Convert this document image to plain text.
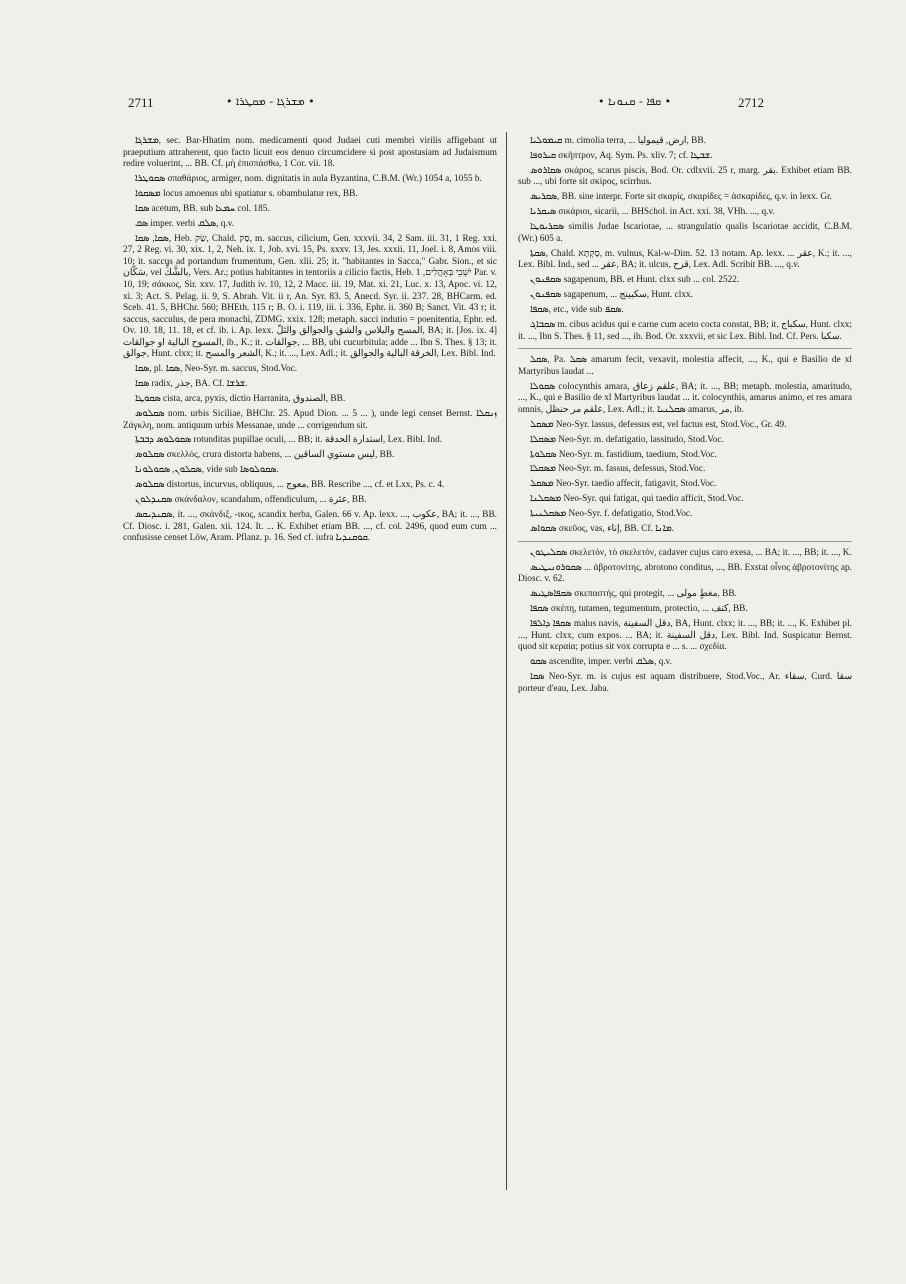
2711	• ܡܫܪܓܐ - ܡܩܛܪܐ •	• ܩܦܐ - ܩܢܘܢܐ •	2712

ܡܫܪܓܐ, sec. Bar-Hhatim nom. medicamenti quod Judaei cuti membri virilis affigebant ut praeputium attraherent, quo facto licuit eos denuo circumcidere si post apostasiam ad Judaismum redire voluerint, ... BB. Cf. μὴ ἐπισπάσθω, 1 Cor. vii. 18.

ܣܩܘܛܪܐ σπαθάριος, armiger, nom. dignitatis in aula Byzantina, C.B.M. (Wr.) 1054 a, 1055 b.

ܡܣܩܘܐ locus amoenus ubi spatiatur s. obambulatur rex, BB.

ܣܩܐ acetum, BB. sub ܚܡܥܐ col. 185.

ܣܩ imper. verbi ܣܠܩ, q.v.

ܣܩܐ, ܣܩܐ, Heb. שַׂק, Chald. סַק, m. saccus, cilicium, Gen. xxxvii. 34, 2 Sam. iii. 31, 1 Reg. xxi. 27, 2 Reg. vi. 30, xix. 1, 2, Neh. ix. 1, Job. xvi. 15, Ps. xxxv. 13, Jes. xxxii. 11, Joel. i. 8, Amos viii. 10; it. saccus ad portandum frumentum, Gen. xlii. 25; it. "habitantes in Sacca," Gabr. Sion., et sic سَكّان, vel بالشَّكِّ, Vers. Ar.; potius habitantes in tentoriis a cilicio factis, Heb. יֹשְׁבֵי בְּאָהֳלִים, 1 Par. v. 10, 19; σάκκος, Sir. xxv. 17, Judith iv. 10, 12, 2 Macc. iii. 19, Mat. xi. 21, Luc. x. 13, Apoc. vi. 12, xi. 3; Act. S. Pelag. ii. 9, S. Abrah. Vit. ii r, An. Syr. 83. 5, Anecd. Syr. ii. 237. 28, BHCarm. ed. Sceb. 41. 5, BHChr. 560; BHEth. 115 r; B. O. i. 119, iii. i. 336, Ephr. ii. 360 B; Sanct. Vit. 43 r; it. saccus, sacculus, de pera monachi, ZDMG. xxix. 128; metaph. sacci indutio = poenitentia, Ephr. ed. Ov. 10. 18, 11. 18, et cf. ib. i. Ap. lexx. المسح والبلاس والشق والجوالق والثلّ, BA; it. [Jos. ix. 4] المسوح البالية او جوالقات, ib., K.; it. جوالقات, ... BB, ubi cucurbitula; adde ... Ibn S. Thes. § 13; it. جوالق, Hunt. clxx; it. الشعر والمسح, K.; it. ..., Lex. Adl.; it. الخرقة البالية والجوالق, Lex. Bibl. Ind.

ܣܩܐ, pl. ܣܩܐ, Neo-Syr. m. saccus, Stod.Voc.

ܣܩܐ radix, جذر, BA. Cf. ܫܪܫܐ.

ܣܩܘܛܐ cista, arca, pyxis, dictio Harranita, الصندوق, BB.

ܣܩܠܘܣ nom. urbis Siciliae, BHChr. 25. Apud Dion. ... 5 ... ), unde legi censet Bernst. ܙܢܩܠܐ Ζάγκλη, nom. antiquum urbis Messanae, unde ... corrigendum sit.

ܣܩܘܠܘܣ ܕܒܒܬܐ rotunditas pupillae oculi, ... BB; it. استدارة الحدقة, Lex. Bibl. Ind.

ܣܩܠܘܣ σκελλός, crura distorta habens, ... ليس مستوي الساقين, BB.

ܣܩܠܘܢ, ܣܩܘܠܘܢܐ, vide sub ܣܩܘܠܘܣܐ.

ܣܩܠܘܣ distortus, incurvus, obliquus, ... معوج, BB. Rescribe ..., cf. et Lxx, Ps. c. 4.

ܣܩܢܕܠܘܢ σκάνδαλον, scandalum, offendiculum, ... عثرة, BB.

ܣܩܢܕܝܩܣ, it. ..., σκάνδιξ, -ικος, scandix herba, Galen. 66 v. Ap. lexx. ..., عكوب, BA; it. ..., BB. Cf. Diosc. i. 281, Galen. xii. 124. It. ... K. Exhibet etiam BB. ..., cf. col. 2496, quod eum cum ... confusisse censet Löw, Aram. Pflanz. p. 16. Sed cf. iufra ܩܘܩܢܕܝܐ.

ܩܝܡܘܠܝܐ m. cimolia terra, ... ارض, قيموليا, BB.

ܩܝܪܘܦܐ σκῆπτρον, Aq. Sym. Ps. xliv. 7; cf. ܫܒܛܐ.

ܣܩܐܪܘܣ σκάρος, scarus piscis, Bod. Or. cdlxvii. 25 r, marg. بقر. Exhibet etiam BB. sub ..., ubi forte sit σκίρος, scirrhus.

ܣܩܪܝܣ, BB. sine interpr. Forte sit σκαρίς, σκαρίδες = ἀσκαρίδες, q.v. in lexx. Gr.

ܣܝܩܪܝܐ σικάριοι, sicarii, ... BHSchol. in Act. xxi. 38, VHh. ..., q.v.

ܣܩܪܝܘܛܐ similis Judae Iscariotae, ... strangulatio qualis Iscariotae accidit, C.B.M. (Wr.) 605 a.

ܣܩܬܐ, Chald. סַקְתָּא, m. vulnus, Kal-w-Dim. 52. 13 notam. Ap. lexx. ... عقر, K.; it. ..., Lex. Bibl. Ind., sed ... عقر, BA; it. ulcus, قرح, Lex. Adl. Scribit BB. ..., q.v.

ܣܩܦܢܘܢ sagapenum, BB. et Hunt. clxx sub ... col. 2522.

ܣܩܦܢܘܢ sagapenum, ... سكبينج, Hunt. clxx.

ܣܩܦܐ, etc., vide sub ܣܩܦ.

ܣܩܒܐܓ m. cibus acidus qui e carne cum aceto cocta constat, BB; it. سكباج, Hunt. clxx; it. ..., Ibn S. Thes. § 11, sed ..., ib. Bod. Or. xxxvii, et sic Lex. Bibl. Ind. Cf. Pers. سکبا.

ܣܩܠ, Pa. ܣܩܠ amarum fecit, vexavit, molestia affecit, ..., K., qui e Basilio de xl Martyribus laudat ...

ܣܩܘܠܐ colocynthis amara, علقم زعاق, BA; it. ..., BB; metaph. molestia, amaritudo, ..., K., qui e Basilio de xl Martyribus laudat ... it. colocynthis, amarus animo, et res amara omnis, علقم مر حنظل, Lex. Adl.; it. ܣܩܠܢܝܐ amarus, مر, ib.

ܡܣܩܠ Neo-Syr. lassus, defessus est, vel factus est, Stod.Voc., Gr. 49.

ܡܣܩܠܐ Neo-Syr. m. defatigatio, lassitudo, Stod.Voc.

ܣܩܠܘܬܐ Neo-Syr. m. fastidium, taedium, Stod.Voc.

ܡܣܩܠܐ Neo-Syr. m. fassus, defessus, Stod.Voc.

ܡܣܩܠ Neo-Syr. taedio affecit, fatigavit, Stod.Voc.

ܡܣܩܠܢܐ Neo-Syr. qui fatigat, qui taedio afficit, Stod.Voc.

ܡܣܩܠܢܝܬܐ Neo-Syr. f. defatigatio, Stod.Voc.

ܣܩܘܐܣ σκεῦος, vas, إناء, BB. Cf. ܡܐܢܐ.

ܣܩܠܝܛܘܢ σκελετόν, τὸ σκελετόν, cadaver cujus caro exesa, ... BA; it. ..., BB; it. ..., K.

ܣܩܘܪܘܢܝܛܝܣ ... ἀβροτονίτης, abrotono conditus, ..., BB. Exstat οἶνος ἀβροτονίτης ap. Diosc. v. 62.

ܣܩܦܐܣܛܝܣ σκεπαστής, qui protegit, ... مغطٍ مولى, BB.

ܣܩܦܐ σκέπη, tutamen, tegumentum, protectio, ... كنف, BB.

ܣܩܦܐ ܕܐܠܦܐ malus navis, دقل السفينة, BA, Hunt. clxx; it. ..., BB; it. ..., K. Exhibet pl. ..., Hunt. clxx, cum expos. ... BA; it. دقل السفينة, Lex. Bibl. Ind. Suspicatur Bernst. quod sit κεραία; potius sit vox corrupta e ... s. ... σχεδία.

ܣܩܘ ascendite, imper. verbi ܣܠܩ, q.v.

ܣܩܐ Neo-Syr. m. is cujus est aquam distribuere, Stod.Voc., Ar. سقاء, Curd. سقا porteur d'eau, Lex. Jaba.
